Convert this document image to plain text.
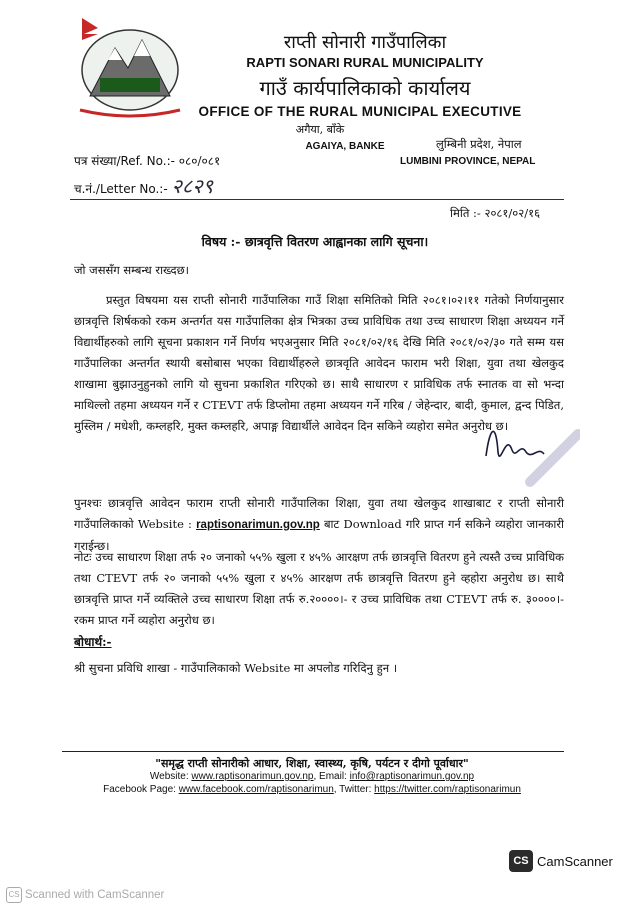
राप्ती सोनारी गाउँपालिका
RAPTI SONARI RURAL MUNICIPALITY
गाउँ कार्यपालिकाको कार्यालय
OFFICE OF THE RURAL MUNICIPAL EXECUTIVE
अगैया, बाँके
AGAIYA, BANKE	लुम्बिनी प्रदेश, नेपाल
LUMBINI PROVINCE, NEPAL
पत्र संख्या/Ref. No.:- ०८०/०८१
च.नं./Letter No.:- २८२९
मिति :- २०८१/०२/१६
विषय :- छात्रवृत्ति वितरण आह्वानका लागि सूचना।
जो जससँग सम्बन्ध राख्दछ।
प्रस्तुत विषयमा यस राप्ती सोनारी गाउँपालिका गाउँ शिक्षा समितिको मिति २०८१।०२।११ गतेको निर्णयानुसार छात्रवृत्ति शिर्षकको रकम अन्तर्गत यस गाउँपालिका क्षेत्र भित्रका उच्च प्राविधिक तथा उच्च साधारण शिक्षा अध्ययन गर्ने विद्यार्थीहरुको लागि सूचना प्रकाशन गर्ने निर्णय भएअनुसार मिति २०८१/०२/१६ देखि मिति २०८१/०२/३० गते सम्म यस गाउँपालिका अन्तर्गत स्थायी बसोबास भएका विद्यार्थीहरुले छात्रवृति आवेदन फाराम भरी शिक्षा, युवा तथा खेलकुद शाखामा बुझाउनुहुनको लागि यो सुचना प्रकाशित गरिएको छ। साथै साधारण र प्राविधिक तर्फ स्नातक वा सो भन्दा माथिल्लो तहमा अध्ययन गर्ने र CTEVT तर्फ डिप्लोमा तहमा अध्ययन गर्ने गरिब / जेहेन्दार, बादी, कुमाल, द्वन्द पिडित, मुस्लिम / मधेशी, कम्लहरि, मुक्त कम्लहरि, अपाङ्ग विद्यार्थीले आवेदन दिन सकिने व्यहोरा समेत अनुरोध छ।
पुनश्चः छात्रवृत्ति आवेदन फाराम राप्ती सोनारी गाउँपालिका शिक्षा, युवा तथा खेलकुद शाखाबाट र राप्ती सोनारी गाउँपालिकाको Website : raptisonarimun.gov.np बाट Download गरि प्राप्त गर्न सकिने व्यहोरा जानकारी गराईन्छ।
नोटः उच्च साधारण शिक्षा तर्फ २० जनाको ५५% खुला र ४५% आरक्षण तर्फ छात्रवृत्ति वितरण हुने त्यस्तै उच्च प्राविधिक तथा CTEVT तर्फ २० जनाको ५५% खुला र ४५% आरक्षण तर्फ छात्रवृत्ति वितरण हुने व्हहोरा अनुरोध छ। साथै छात्रवृत्ति प्राप्त गर्ने व्यक्तिले उच्च साधारण शिक्षा तर्फ रु.२००००।- र उच्च प्राविधिक तथा CTEVT तर्फ रु. ३००००।- रकम प्राप्त गर्ने व्यहोरा अनुरोध छ।
बोधार्थ:-
श्री सुचना प्रविधि शाखा - गाउँपालिकाको Website मा अपलोड गरिदिनु हुन ।
"समृद्ध राप्ती सोनारीको आधार, शिक्षा, स्वास्थ्य, कृषि, पर्यटन र दीगो पूर्वाधार"
Website: www.raptisonarimun.gov.np, Email: info@raptisonarimun.gov.np
Facebook Page: www.facebook.com/raptisonarimun, Twitter: https://twitter.com/raptisonarimun
CS CamScanner
CS Scanned with CamScanner
